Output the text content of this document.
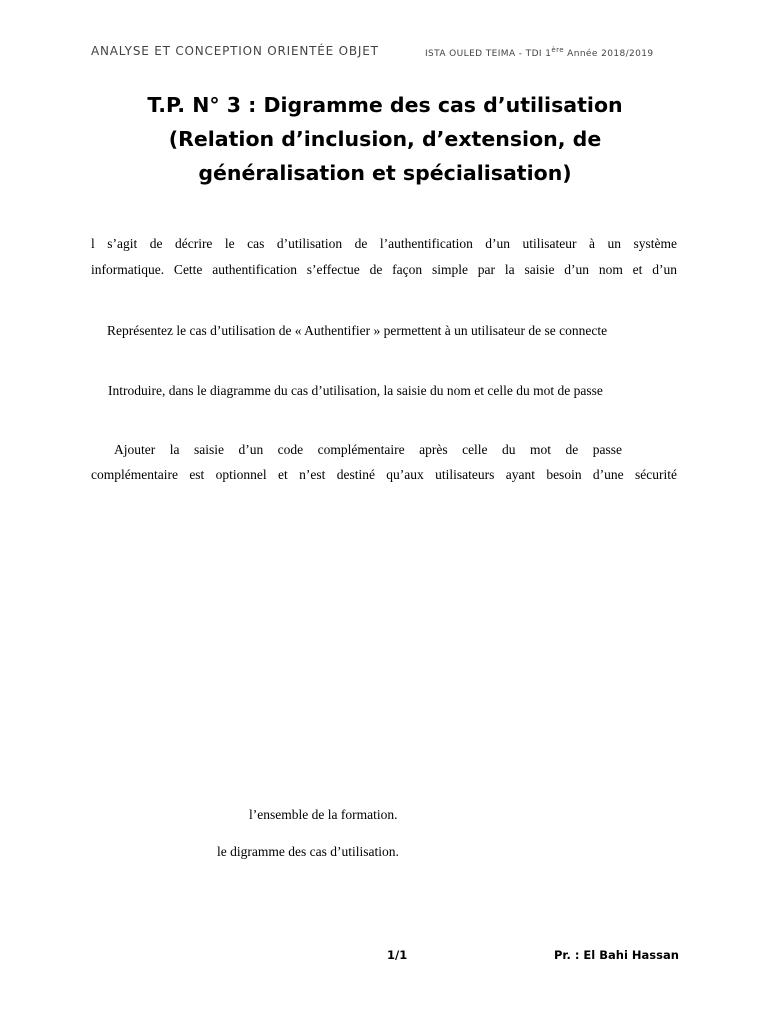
ANALYSE ET CONCEPTION ORIENTÉE OBJET	ISTA OULED TEIMA - TDI 1ère Année 2018/2019
T.P. N° 3 : Digramme des cas d’utilisation
(Relation d’inclusion, d’extension, de
généralisation et spécialisation)
l s’agit de décrire le cas d’utilisation de l’authentification d’un utilisateur à un système
informatique. Cette authentification s’effectue de façon simple par la saisie d’un nom et d’un
Représentez le cas d’utilisation de « Authentifier » permettent à un utilisateur de se connecte
Introduire, dans le diagramme du cas d’utilisation, la saisie du nom et celle du mot de passe
Ajouter la saisie d’un code complémentaire après celle du mot de passe
complémentaire est optionnel et n’est destiné qu’aux utilisateurs ayant besoin d’une sécurité
l’ensemble de la formation.
le digramme des cas d’utilisation.
1/1	Pr. : El Bahi Hassan
